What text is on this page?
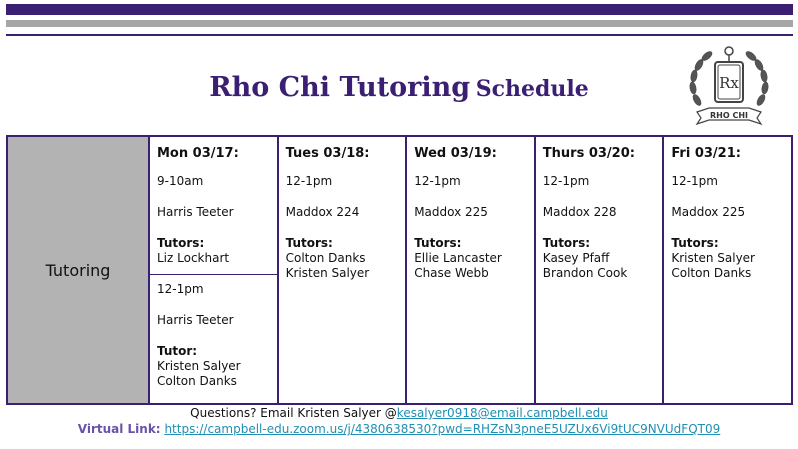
Rho Chi Tutoring Schedule	Rx
RHO CHI
Tutoring	
Mon 03/17:
9-10am
Harris Teeter
Tutors:
Liz Lockhart
12-1pm
Harris Teeter
Tutor:
Kristen Salyer
Colton Danks

Tues 03/18:
12-1pm
Maddox 224
Tutors:
Colton Danks
Kristen Salyer

Wed 03/19:
12-1pm
Maddox 225
Tutors:
Ellie Lancaster
Chase Webb

Thurs 03/20:
12-1pm
Maddox 228
Tutors:
Kasey Pfaff
Brandon Cook

Fri 03/21:
12-1pm
Maddox 225
Tutors:
Kristen Salyer
Colton Danks
Questions? Email Kristen Salyer @kesalyer0918@email.campbell.edu
Virtual Link: https://campbell-edu.zoom.us/j/4380638530?pwd=RHZsN3pneE5UZUx6Vi9tUC9NVUdFQT09
